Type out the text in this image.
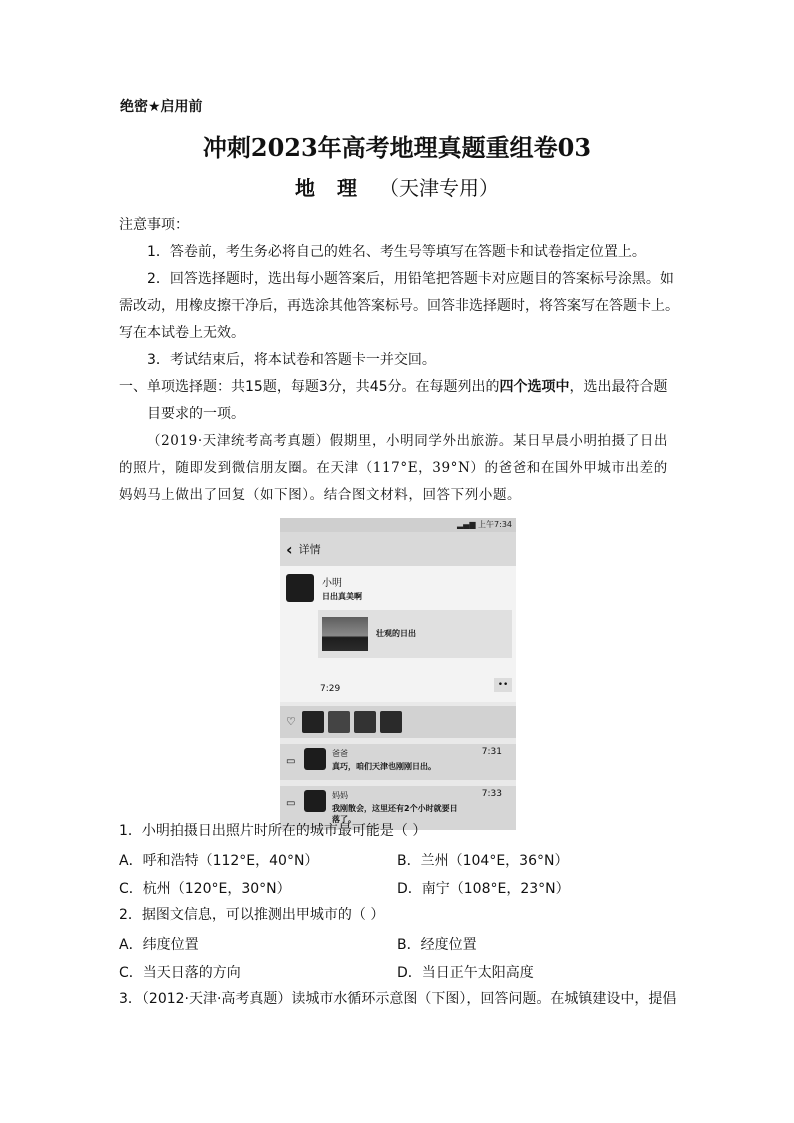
绝密★启用前
冲刺2023年高考地理真题重组卷03
地理（天津专用）

注意事项：

1．答卷前，考生务必将自己的姓名、考生号等填写在答题卡和试卷指定位置上。

2．回答选择题时，选出每小题答案后，用铅笔把答题卡对应题目的答案标号涂黑。如需改动，用橡皮擦干净后，再选涂其他答案标号。回答非选择题时，将答案写在答题卡上。写在本试卷上无效。

3．考试结束后，将本试卷和答题卡一并交回。

一、单项选择题：共15题，每题3分，共45分。在每题列出的四个选项中，选出最符合题目要求的一项。

（2019·天津统考高考真题）假期里，小明同学外出旅游。某日早晨小明拍摄了日出的照片，随即发到微信朋友圈。在天津（117°E，39°N）的爸爸和在国外甲城市出差的妈妈马上做出了回复（如下图）。结合图文材料，回答下列小题。

▂▄▆ 上午7:34
‹ 详情
小明
日出真美啊
壮观的日出
7:29	••
♡
▭
爸爸	7:31
真巧，咱们天津也刚刚日出。
▭
妈妈	7:33
我刚散会，这里还有2个小时就要日落了。
1．小明拍摄日出照片时所在的城市最可能是（ ）
A．呼和浩特（112°E，40°N）	B．兰州（104°E，36°N）
C．杭州（120°E，30°N）	D．南宁（108°E，23°N）
2．据图文信息，可以推测出甲城市的（ ）
A．纬度位置	B．经度位置
C．当天日落的方向	D．当日正午太阳高度
3．（2012·天津·高考真题）读城市水循环示意图（下图），回答问题。在城镇建设中，提倡
